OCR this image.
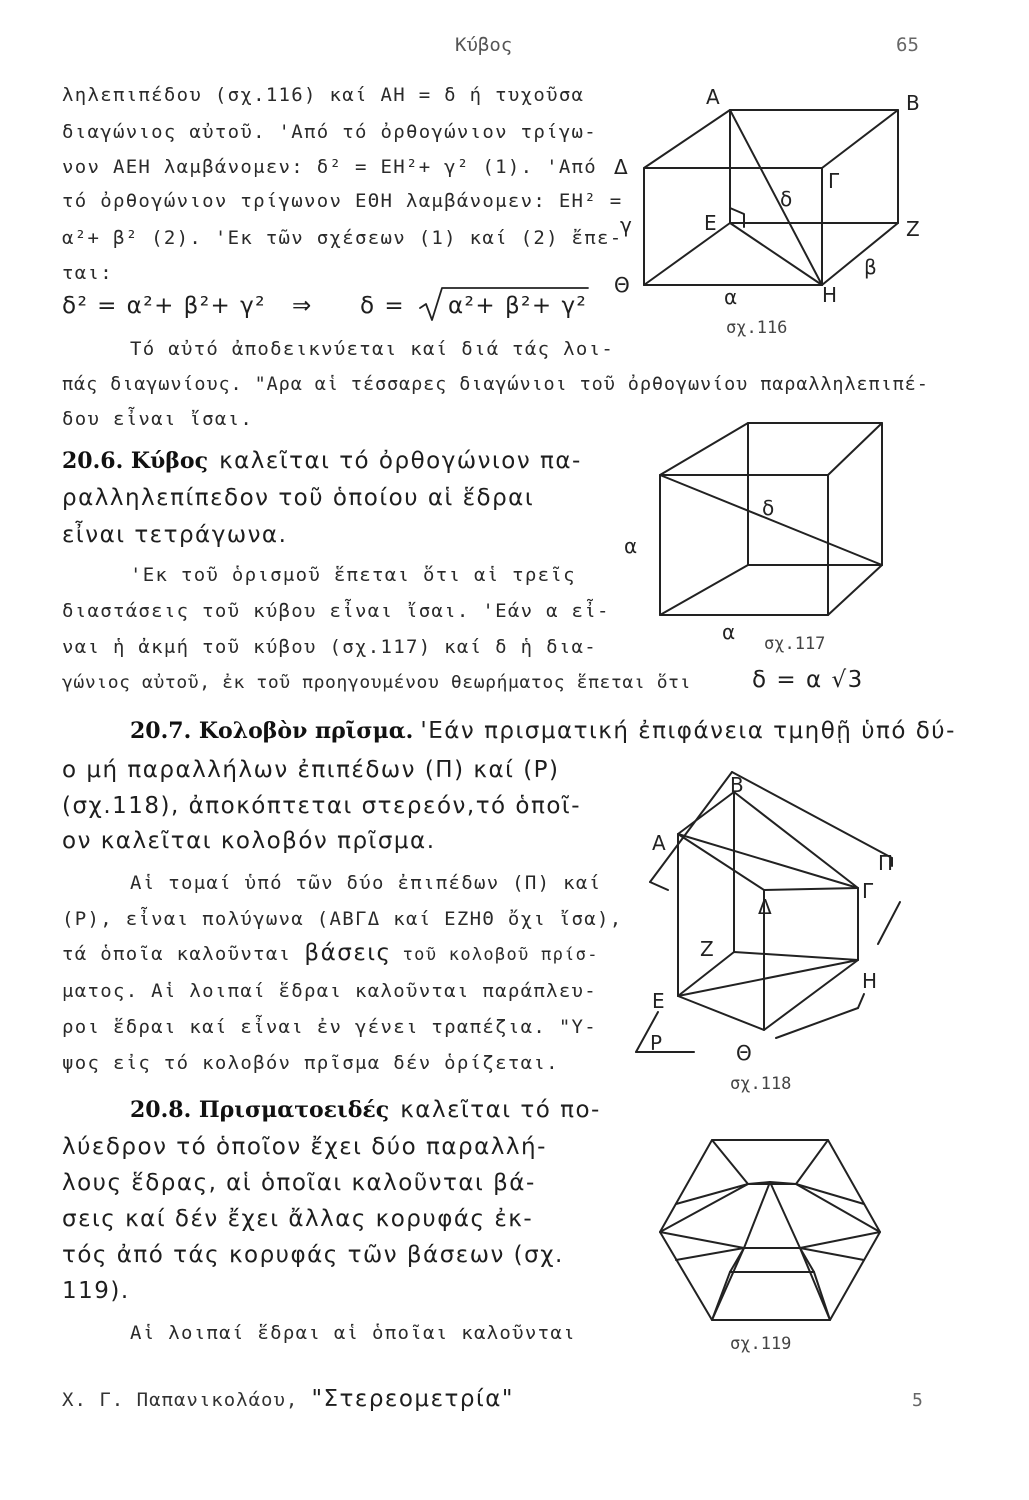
Κύβος	65
ληλεπιπέδου (σχ.116) καί ΑΗ = δ ή τυχοῦσα
διαγώνιος αὐτοῦ. 'Από τό ὀρθογώνιον τρίγω-
νον ΑΕΗ λαμβάνομεν: δ² = ΕΗ²+ γ² (1). 'Από
τό ὀρθογώνιον τρίγωνον ΕΘΗ λαμβάνομεν: ΕΗ² =
α²+ β² (2). 'Εκ τῶν σχέσεων (1) καί (2) ἔπε-
ται:
δ² = α²+ β²+ γ² ⇒ δ = α²+ β²+ γ²
Τό αὐτό ἀποδεικνύεται καί διά τάς λοι-
πάς διαγωνίους. "Αρα αἱ τέσσαρες διαγώνιοι τοῦ ὀρθογωνίου παραλληλεπιπέ-
δου εἶναι ἴσαι.
Α	Β
Δ
Γ
Ε
δ
γ	Ζ
β
Θ	α	Η
σχ.116
20.6. Κύβος καλεῖται τό ὀρθογώνιον πα-
ραλληλεπίπεδον τοῦ ὁποίου αἱ ἕδραι
εἶναι τετράγωνα.
'Εκ τοῦ ὁρισμοῦ ἕπεται ὅτι αἱ τρεῖς
διαστάσεις τοῦ κύβου εἶναι ἴσαι. 'Εάν α εἶ-
ναι ἡ ἀκμή τοῦ κύβου (σχ.117) καί δ ἡ δια-
γώνιος αὐτοῦ, ἐκ τοῦ προηγουμένου θεωρήματος ἕπεται ὅτι	δ = α √3
δ
α
α σχ.117
20.7. Κολοβὸν πρῖσμα. 'Εάν πρισματική ἐπιφάνεια τμηθῇ ὑπό δύ-
ο μή παραλλήλων ἐπιπέδων (Π) καί (Ρ)
(σχ.118), ἀποκόπτεται στερεόν,τό ὁποῖ-
ον καλεῖται κολοβόν πρῖσμα.
Αἱ τομαί ὑπό τῶν δύο ἐπιπέδων (Π) καί
(Ρ), εἶναι πολύγωνα (ΑΒΓΔ καί ΕΖΗΘ ὄχι ἴσα),
τά ὁποῖα καλοῦνται βάσεις τοῦ κολοβοῦ πρίσ-
ματος. Αἱ λοιπαί ἕδραι καλοῦνται παράπλευ-
ροι ἕδραι καί εἶναι ἐν γένει τραπέζια. "Υ-
ψος εἰς τό κολοβόν πρῖσμα δέν ὁρίζεται.
Β
Α
Π
Γ
Δ
Ζ
Η
Ε
Ρ	Θ
σχ.118
20.8. Πρισματοειδές καλεῖται τό πο-
λύεδρον τό ὁποῖον ἔχει δύο παραλλή-
λους ἕδρας, αἱ ὁποῖαι καλοῦνται βά-
σεις καί δέν ἔχει ἄλλας κορυφάς ἐκ-
τός ἀπό τάς κορυφάς τῶν βάσεων (σχ.
119).
Αἱ λοιπαί ἕδραι αἱ ὁποῖαι καλοῦνται	σχ.119
Χ. Γ. Παπανικολάου, "Στερεομετρία"	5
